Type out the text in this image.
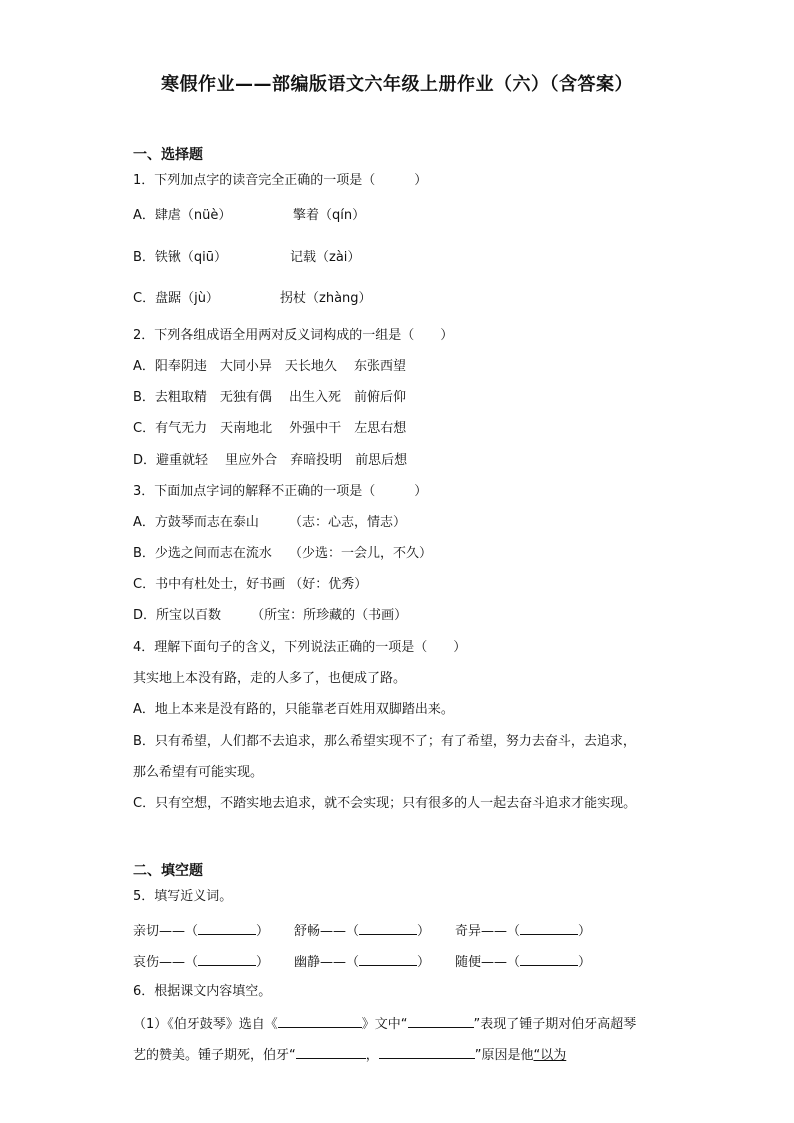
寒假作业——部编版语文六年级上册作业（六）（含答案）
一、选择题
1．下列加点字的读音完全正确的一项是（　　　）
A．肆虐（nüè）	擎着（qín）
B．铁锹（qiū）	记载（zài）
C．盘踞（jù）	拐杖（zhàng）
2．下列各组成语全用两对反义词构成的一组是（　　）
A．阳奉阴违　大同小异　天长地久　 东张西望
B．去粗取精　无独有偶　 出生入死　前俯后仰
C．有气无力　天南地北　 外强中干　左思右想
D．避重就轻　 里应外合　弃暗投明　前思后想
3．下面加点字词的解释不正确的一项是（　　　）
A．方鼓琴而志在泰山　　 （志：心志，情志）
B．少选之间而志在流水　 （少选：一会儿，不久）
C．书中有杜处士，好书画 （好：优秀）
D．所宝以百数　　 （所宝：所珍藏的（书画）
4．理解下面句子的含义，下列说法正确的一项是（　　）
其实地上本没有路，走的人多了，也便成了路。
A．地上本来是没有路的，只能靠老百姓用双脚踏出来。
B．只有希望，人们都不去追求，那么希望实现不了；有了希望，努力去奋斗，去追求，
那么希望有可能实现。
C．只有空想，不踏实地去追求，就不会实现；只有很多的人一起去奋斗追求才能实现。
二、填空题
5．填写近义词。
亲切——（	） 舒畅——（	） 奇异——（	）
哀伤——（	） 幽静——（	） 随便——（	）
6．根据课文内容填空。
（1）《伯牙鼓琴》选自《	》文中“	”表现了锺子期对伯牙高超琴
艺的赞美。锺子期死，伯牙“	，	”原因是他“以为
